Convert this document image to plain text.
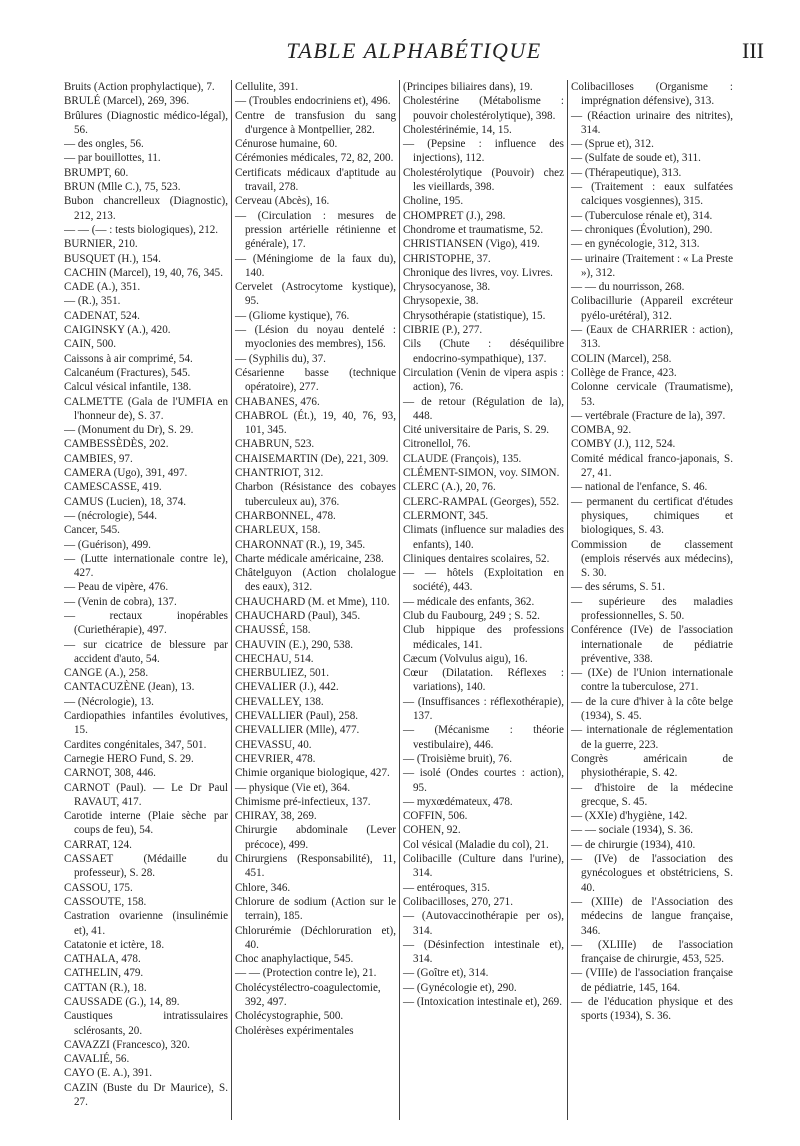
TABLE ALPHABÉTIQUE	III
Bruits (Action prophylactique), 7.
BRULÉ (Marcel), 269, 396.
Brûlures (Diagnostic médico-légal), 56.
— des ongles, 56.
— par bouillottes, 11.
BRUMPT, 60.
BRUN (Mlle C.), 75, 523.
Bubon chancrelleux (Diagnostic), 212, 213.
— — (— : tests biologiques), 212.
BURNIER, 210.
BUSQUET (H.), 154.
CACHIN (Marcel), 19, 40, 76, 345.
CADE (A.), 351.
— (R.), 351.
CADENAT, 524.
CAIGINSKY (A.), 420.
CAIN, 500.
Caissons à air comprimé, 54.
Calcanéum (Fractures), 545.
Calcul vésical infantile, 138.
CALMETTE (Gala de l'UMFIA en l'honneur de), S. 37.
— (Monument du Dr), S. 29.
CAMBESSÈDÈS, 202.
CAMBIES, 97.
CAMERA (Ugo), 391, 497.
CAMESCASSE, 419.
CAMUS (Lucien), 18, 374.
— (nécrologie), 544.
Cancer, 545.
— (Guérison), 499.
— (Lutte internationale contre le), 427.
— Peau de vipère, 476.
— (Venin de cobra), 137.
— rectaux inopérables (Curiethérapie), 497.
— sur cicatrice de blessure par accident d'auto, 54.
CANGE (A.), 258.
CANTACUZÈNE (Jean), 13.
— (Nécrologie), 13.
Cardiopathies infantiles évolutives, 15.
Cardites congénitales, 347, 501.
Carnegie HERO Fund, S. 29.
CARNOT, 308, 446.
CARNOT (Paul). — Le Dr Paul RAVAUT, 417.
Carotide interne (Plaie sèche par coups de feu), 54.
CARRAT, 124.
CASSAET (Médaille du professeur), S. 28.
CASSOU, 175.
CASSOUTE, 158.
Castration ovarienne (insulinémie et), 41.
Catatonie et ictère, 18.
CATHALA, 478.
CATHELIN, 479.
CATTAN (R.), 18.
CAUSSADE (G.), 14, 89.
Caustiques intratissulaires sclérosants, 20.
CAVAZZI (Francesco), 320.
CAVALIÉ, 56.
CAYO (E. A.), 391.
CAZIN (Buste du Dr Maurice), S. 27.
Cellulite, 391.
— (Troubles endocriniens et), 496.
Centre de transfusion du sang d'urgence à Montpellier, 282.
Cénurose humaine, 60.
Cérémonies médicales, 72, 82, 200.
Certificats médicaux d'aptitude au travail, 278.
Cerveau (Abcès), 16.
— (Circulation : mesures de pression artérielle rétinienne et générale), 17.
— (Méningiome de la faux du), 140.
Cervelet (Astrocytome kystique), 95.
— (Gliome kystique), 76.
— (Lésion du noyau dentelé : myoclonies des membres), 156.
— (Syphilis du), 37.
Césarienne basse (technique opératoire), 277.
CHABANES, 476.
CHABROL (Ét.), 19, 40, 76, 93, 101, 345.
CHABRUN, 523.
CHAISEMARTIN (De), 221, 309.
CHANTRIOT, 312.
Charbon (Résistance des cobayes tuberculeux au), 376.
CHARBONNEL, 478.
CHARLEUX, 158.
CHARONNAT (R.), 19, 345.
Charte médicale américaine, 238.
Châtelguyon (Action cholalogue des eaux), 312.
CHAUCHARD (M. et Mme), 110.
CHAUCHARD (Paul), 345.
CHAUSSÉ, 158.
CHAUVIN (E.), 290, 538.
CHECHAU, 514.
CHERBULIEZ, 501.
CHEVALIER (J.), 442.
CHEVALLEY, 138.
CHEVALLIER (Paul), 258.
CHEVALLIER (Mlle), 477.
CHEVASSU, 40.
CHEVRIER, 478.
Chimie organique biologique, 427.
— physique (Vie et), 364.
Chimisme pré-infectieux, 137.
CHIRAY, 38, 269.
Chirurgie abdominale (Lever précoce), 499.
Chirurgiens (Responsabilité), 11, 451.
Chlore, 346.
Chlorure de sodium (Action sur le terrain), 185.
Chlorurémie (Déchloruration et), 40.
Choc anaphylactique, 545.
— — (Protection contre le), 21.
Cholécystélectro-coagulectomie, 392, 497.
Cholécystographie, 500.
Cholérèses expérimentales
(Principes biliaires dans), 19.
Cholestérine (Métabolisme : pouvoir cholestérolytique), 398.
Cholestérinémie, 14, 15.
— (Pepsine : influence des injections), 112.
Cholestérolytique (Pouvoir) chez les vieillards, 398.
Choline, 195.
CHOMPRET (J.), 298.
Chondrome et traumatisme, 52.
CHRISTIANSEN (Vigo), 419.
CHRISTOPHE, 37.
Chronique des livres, voy. Livres.
Chrysocyanose, 38.
Chrysopexie, 38.
Chrysothérapie (statistique), 15.
CIBRIE (P.), 277.
Cils (Chute : déséquilibre endocrino-sympathique), 137.
Circulation (Venin de vipera aspis : action), 76.
— de retour (Régulation de la), 448.
Cité universitaire de Paris, S. 29.
Citronellol, 76.
CLAUDE (François), 135.
CLÉMENT-SIMON, voy. SIMON.
CLERC (A.), 20, 76.
CLERC-RAMPAL (Georges), 552.
CLERMONT, 345.
Climats (influence sur maladies des enfants), 140.
Cliniques dentaires scolaires, 52.
— — hôtels (Exploitation en société), 443.
— médicale des enfants, 362.
Club du Faubourg, 249 ; S. 52.
Club hippique des professions médicales, 141.
Cæcum (Volvulus aigu), 16.
Cœur (Dilatation. Réflexes : variations), 140.
— (Insuffisances : réflexothérapie), 137.
— (Mécanisme : théorie vestibulaire), 446.
— (Troisième bruit), 76.
— isolé (Ondes courtes : action), 95.
— myxœdémateux, 478.
COFFIN, 506.
COHEN, 92.
Col vésical (Maladie du col), 21.
Colibacille (Culture dans l'urine), 314.
— entéroques, 315.
Colibacilloses, 270, 271.
— (Autovaccinothérapie per os), 314.
— (Désinfection intestinale et), 314.
— (Goître et), 314.
— (Gynécologie et), 290.
— (Intoxication intestinale et), 269.
Colibacilloses (Organisme : imprégnation défensive), 313.
— (Réaction urinaire des nitrites), 314.
— (Sprue et), 312.
— (Sulfate de soude et), 311.
— (Thérapeutique), 313.
— (Traitement : eaux sulfatées calciques vosgiennes), 315.
— (Tuberculose rénale et), 314.
— chroniques (Évolution), 290.
— en gynécologie, 312, 313.
— urinaire (Traitement : « La Preste »), 312.
— — du nourrisson, 268.
Colibacillurie (Appareil excréteur pyélo-urétéral), 312.
— (Eaux de CHARRIER : action), 313.
COLIN (Marcel), 258.
Collège de France, 423.
Colonne cervicale (Traumatisme), 53.
— vertébrale (Fracture de la), 397.
COMBA, 92.
COMBY (J.), 112, 524.
Comité médical franco-japonais, S. 27, 41.
— national de l'enfance, S. 46.
— permanent du certificat d'études physiques, chimiques et biologiques, S. 43.
Commission de classement (emplois réservés aux médecins), S. 30.
— des sérums, S. 51.
— supérieure des maladies professionnelles, S. 50.
Conférence (IVe) de l'association internationale de pédiatrie préventive, 338.
— (IXe) de l'Union internationale contre la tuberculose, 271.
— de la cure d'hiver à la côte belge (1934), S. 45.
— internationale de réglementation de la guerre, 223.
Congrès américain de physiothérapie, S. 42.
— d'histoire de la médecine grecque, S. 45.
— (XXIe) d'hygiène, 142.
— — sociale (1934), S. 36.
— de chirurgie (1934), 410.
— (IVe) de l'association des gynécologues et obstétriciens, S. 40.
— (XIIIe) de l'Association des médecins de langue française, 346.
— (XLIIIe) de l'association française de chirurgie, 453, 525.
— (VIIIe) de l'association française de pédiatrie, 145, 164.
— de l'éducation physique et des sports (1934), S. 36.
